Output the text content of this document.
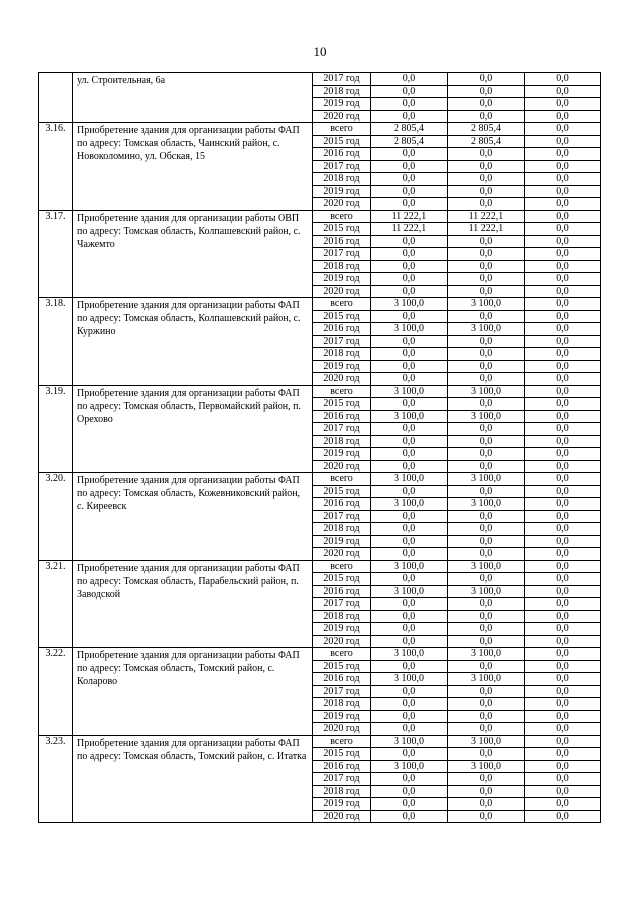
10
	ул. Строительная, 6а	2017 год	0,0	0,0	0,0
		2018 год	0,0	0,0	0,0
		2019 год	0,0	0,0	0,0
		2020 год	0,0	0,0	0,0
3.16.	Приобретение здания для организации работы ФАП по адресу: Томская область, Чаинский район, с. Новоколомино, ул. Обская, 15	всего	2 805,4	2 805,4	0,0
		2015 год	2 805,4	2 805,4	0,0
		2016 год	0,0	0,0	0,0
		2017 год	0,0	0,0	0,0
		2018 год	0,0	0,0	0,0
		2019 год	0,0	0,0	0,0
		2020 год	0,0	0,0	0,0
3.17.	Приобретение здания для организации работы ОВП по адресу: Томская область, Колпашевский район, с. Чажемто	всего	11 222,1	11 222,1	0,0
		2015 год	11 222,1	11 222,1	0,0
		2016 год	0,0	0,0	0,0
		2017 год	0,0	0,0	0,0
		2018 год	0,0	0,0	0,0
		2019 год	0,0	0,0	0,0
		2020 год	0,0	0,0	0,0
3.18.	Приобретение здания для организации работы ФАП по адресу: Томская область, Колпашевский район, с. Куржино	всего	3 100,0	3 100,0	0,0
		2015 год	0,0	0,0	0,0
		2016 год	3 100,0	3 100,0	0,0
		2017 год	0,0	0,0	0,0
		2018 год	0,0	0,0	0,0
		2019 год	0,0	0,0	0,0
		2020 год	0,0	0,0	0,0
3.19.	Приобретение здания для организации работы ФАП по адресу: Томская область, Первомайский район, п. Орехово	всего	3 100,0	3 100,0	0,0
		2015 год	0,0	0,0	0,0
		2016 год	3 100,0	3 100,0	0,0
		2017 год	0,0	0,0	0,0
		2018 год	0,0	0,0	0,0
		2019 год	0,0	0,0	0,0
		2020 год	0,0	0,0	0,0
3.20.	Приобретение здания для организации работы ФАП по адресу: Томская область, Кожевниковский район, с. Киреевск	всего	3 100,0	3 100,0	0,0
		2015 год	0,0	0,0	0,0
		2016 год	3 100,0	3 100,0	0,0
		2017 год	0,0	0,0	0,0
		2018 год	0,0	0,0	0,0
		2019 год	0,0	0,0	0,0
		2020 год	0,0	0,0	0,0
3.21.	Приобретение здания для организации работы ФАП по адресу: Томская область, Парабельский район, п. Заводской	всего	3 100,0	3 100,0	0,0
		2015 год	0,0	0,0	0,0
		2016 год	3 100,0	3 100,0	0,0
		2017 год	0,0	0,0	0,0
		2018 год	0,0	0,0	0,0
		2019 год	0,0	0,0	0,0
		2020 год	0,0	0,0	0,0
3.22.	Приобретение здания для организации работы ФАП по адресу: Томская область, Томский район, с. Коларово	всего	3 100,0	3 100,0	0,0
		2015 год	0,0	0,0	0,0
		2016 год	3 100,0	3 100,0	0,0
		2017 год	0,0	0,0	0,0
		2018 год	0,0	0,0	0,0
		2019 год	0,0	0,0	0,0
		2020 год	0,0	0,0	0,0
3.23.	Приобретение здания для организации работы ФАП по адресу: Томская область, Томский район, с. Итатка	всего	3 100,0	3 100,0	0,0
		2015 год	0,0	0,0	0,0
		2016 год	3 100,0	3 100,0	0,0
		2017 год	0,0	0,0	0,0
		2018 год	0,0	0,0	0,0
		2019 год	0,0	0,0	0,0
		2020 год	0,0	0,0	0,0
